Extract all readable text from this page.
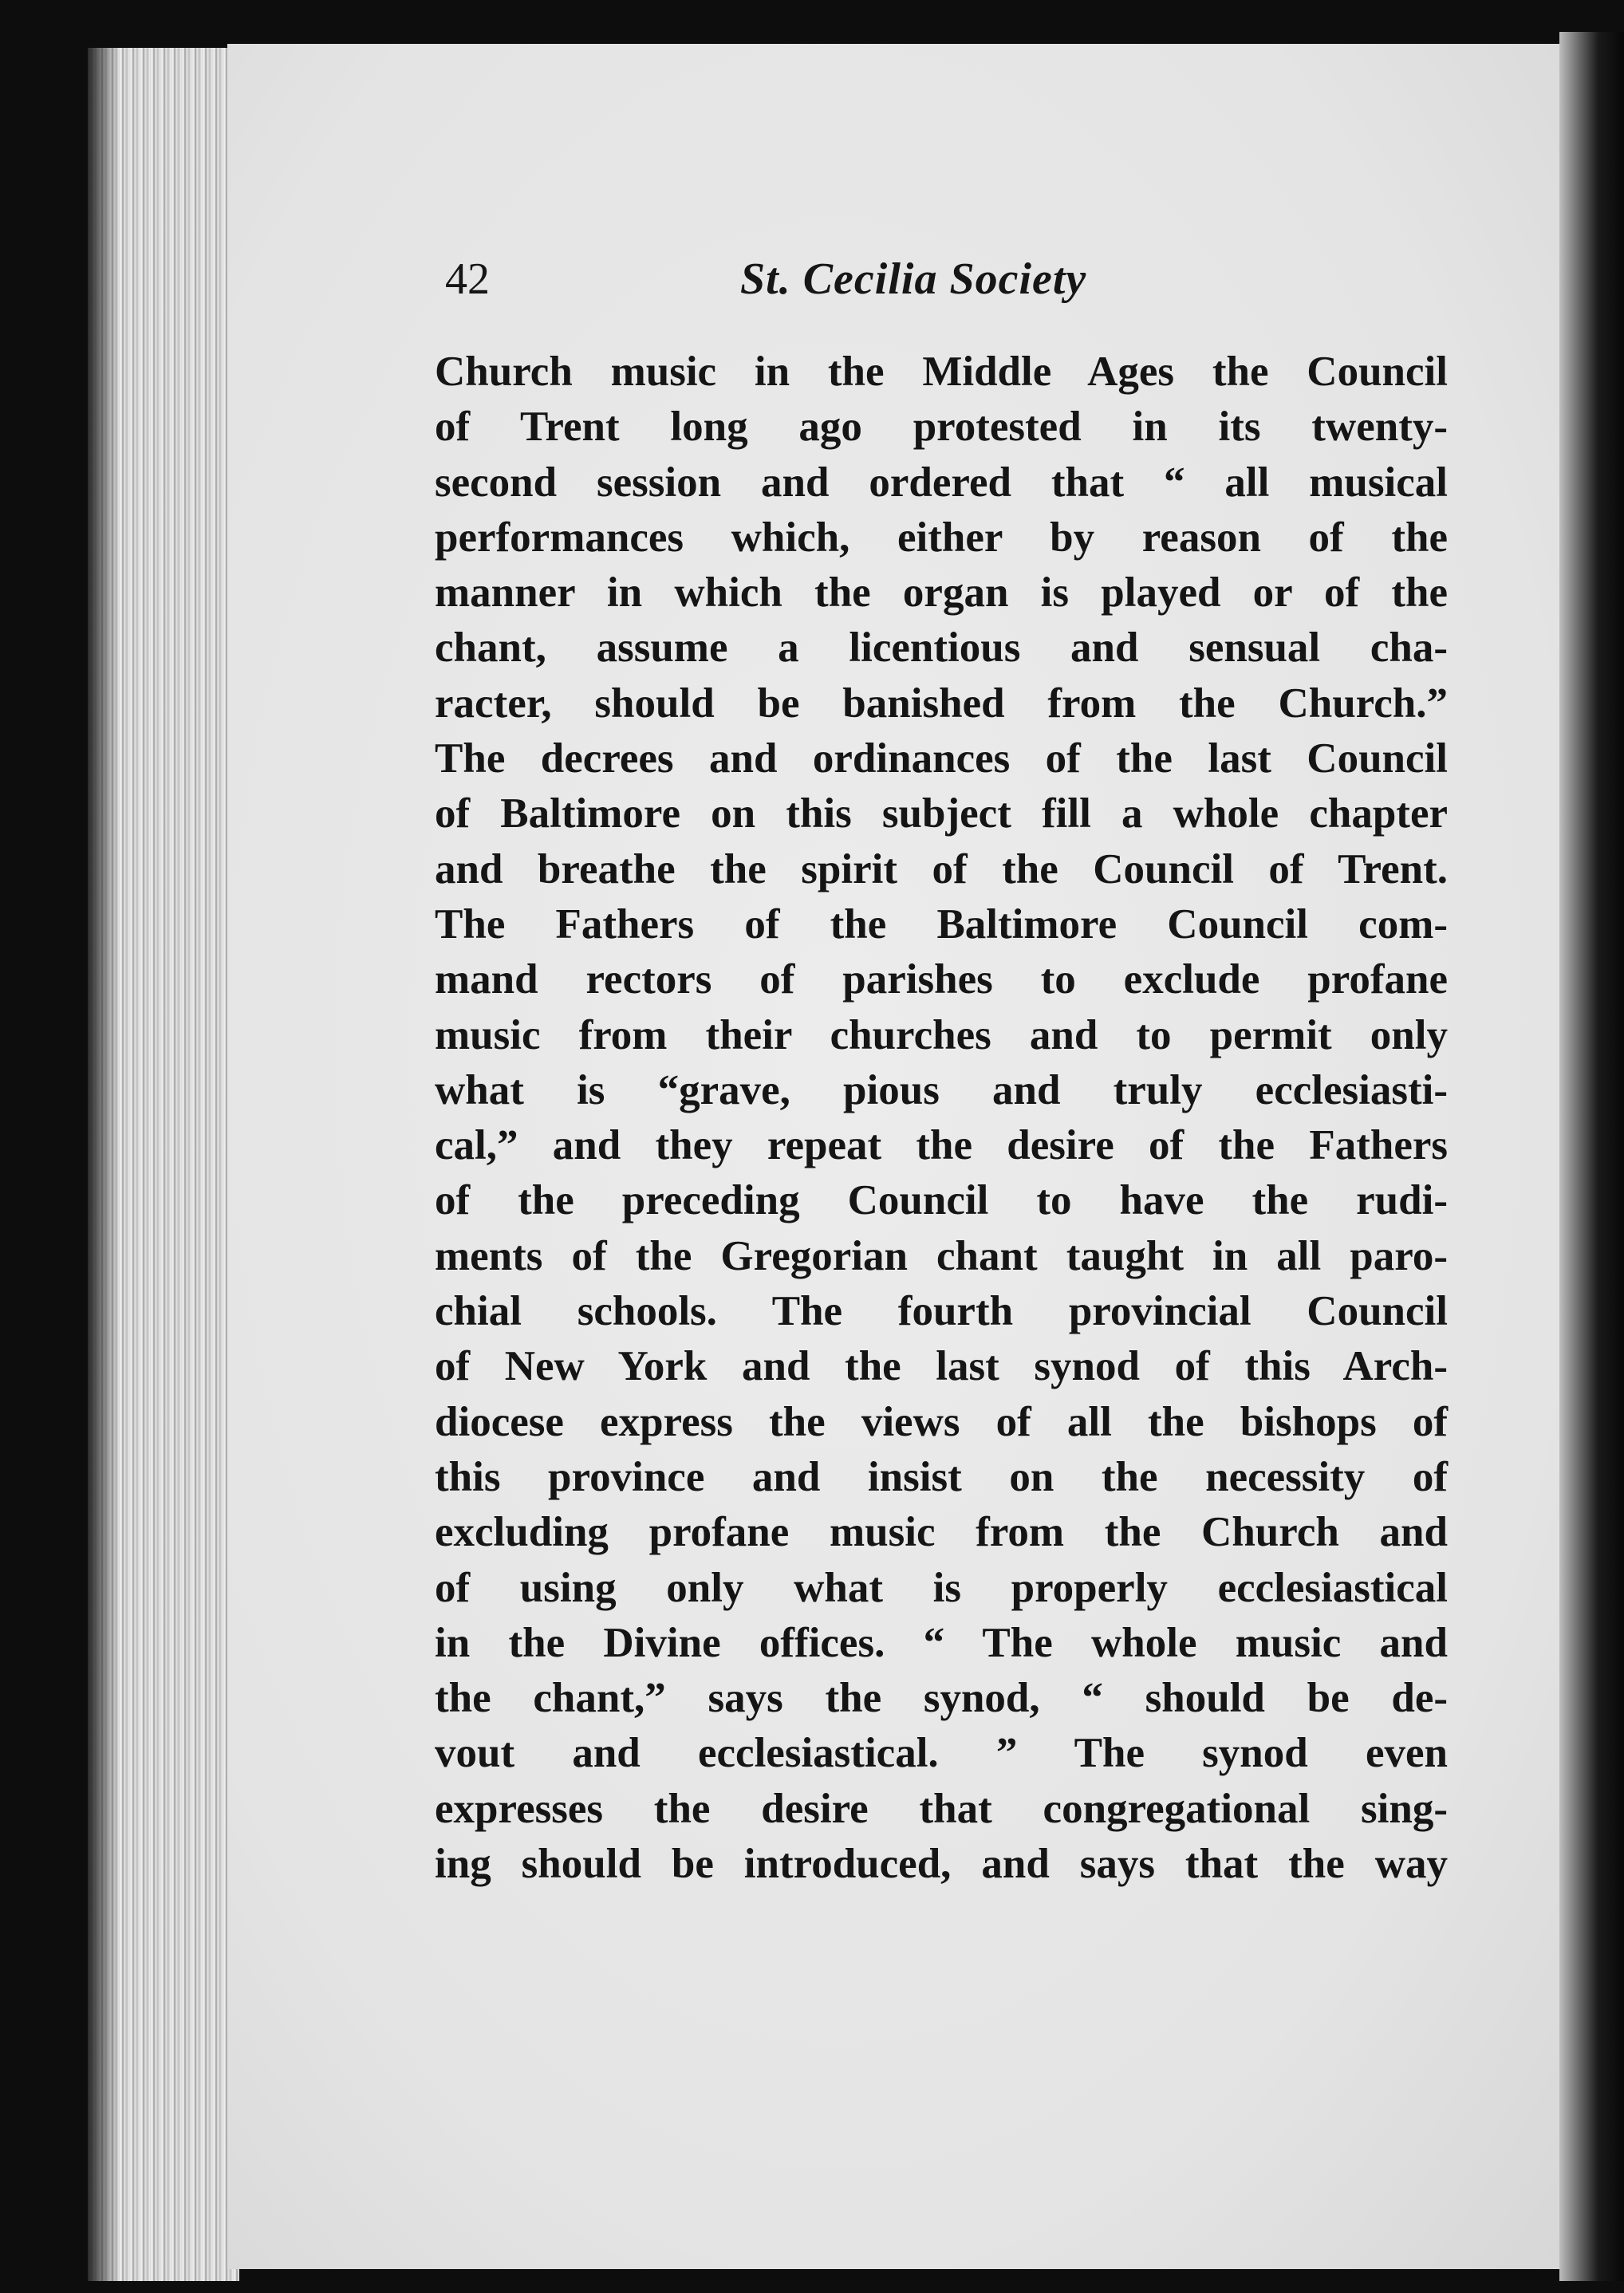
42	St. Cecilia Society
Church music in the Middle Ages the Council
of Trent long ago protested in its twenty-
second session and ordered that “ all musical
performances which, either by reason of the
manner in which the organ is played or of the
chant, assume a licentious and sensual cha-
racter, should be banished from the Church.”
The decrees and ordinances of the last Council
of Baltimore on this subject fill a whole chapter
and breathe the spirit of the Council of Trent.
The Fathers of the Baltimore Council com-
mand rectors of parishes to exclude profane
music from their churches and to permit only
what is “grave, pious and truly ecclesiasti-
cal,” and they repeat the desire of the Fathers
of the preceding Council to have the rudi-
ments of the Gregorian chant taught in all paro-
chial schools. The fourth provincial Council
of New York and the last synod of this Arch-
diocese express the views of all the bishops of
this province and insist on the necessity of
excluding profane music from the Church and
of using only what is properly ecclesiastical
in the Divine offices. “ The whole music and
the chant,” says the synod, “ should be de-
vout and ecclesiastical. ” The synod even
expresses the desire that congregational sing-
ing should be introduced, and says that the way
